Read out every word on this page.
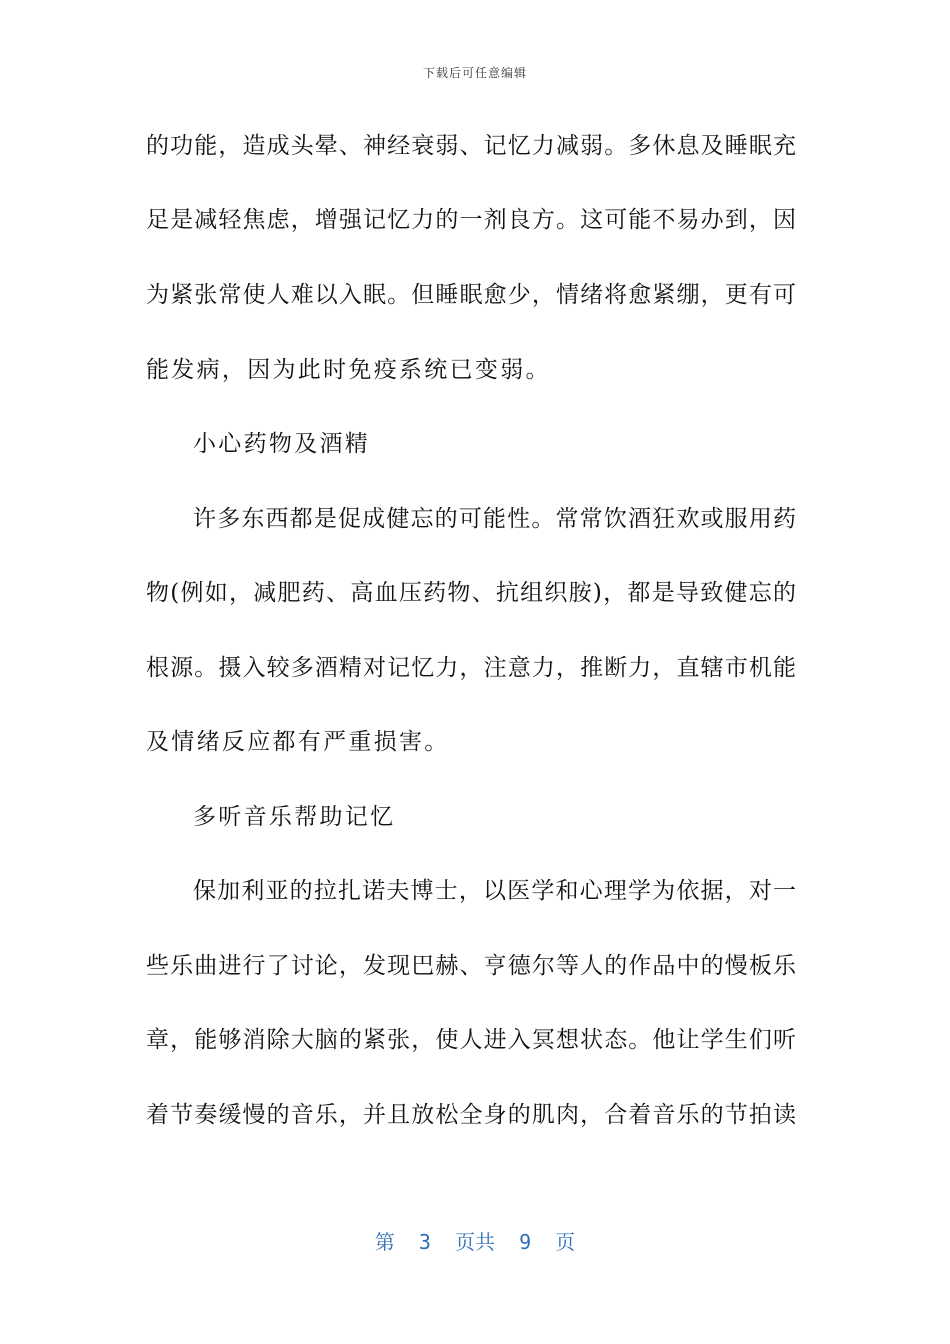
下载后可任意编辑
的功能，造成头晕、神经衰弱、记忆力减弱。多休息及睡眠充
足是减轻焦虑，增强记忆力的一剂良方。这可能不易办到，因
为紧张常使人难以入眠。但睡眠愈少，情绪将愈紧绷，更有可
能发病，因为此时免疫系统已变弱。
小心药物及酒精
许多东西都是促成健忘的可能性。常常饮酒狂欢或服用药
物(例如，减肥药、高血压药物、抗组织胺)，都是导致健忘的
根源。摄入较多酒精对记忆力，注意力，推断力，直辖市机能
及情绪反应都有严重损害。
多听音乐帮助记忆
保加利亚的拉扎诺夫博士，以医学和心理学为依据，对一
些乐曲进行了讨论，发现巴赫、亨德尔等人的作品中的慢板乐
章，能够消除大脑的紧张，使人进入冥想状态。他让学生们听
着节奏缓慢的音乐，并且放松全身的肌肉，合着音乐的节拍读
第  3  页共  9  页
